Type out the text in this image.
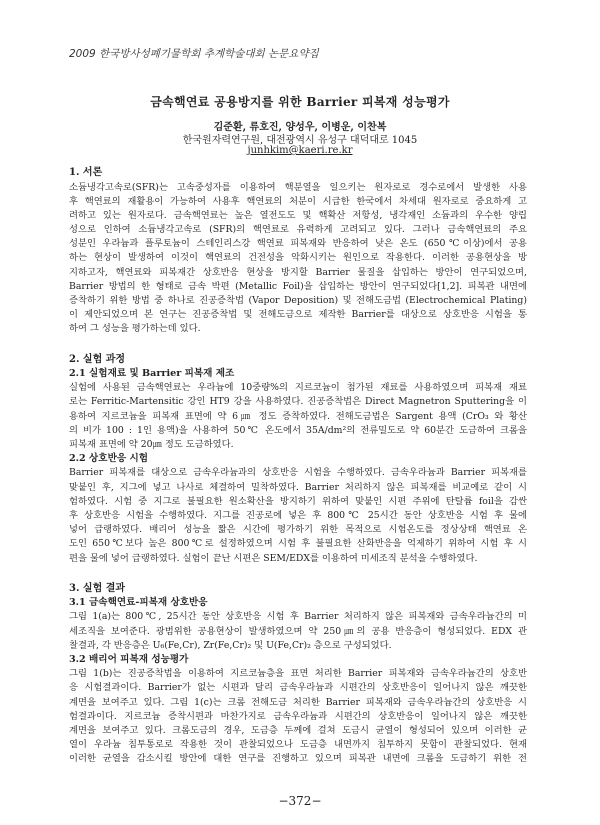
2009 한국방사성폐기물학회 추계학술대회 논문요약집
금속핵연료 공용방지를 위한 Barrier 피복재 성능평가
김준환, 류호진, 양성우, 이병운, 이찬복
한국원자력연구원, 대전광역시 유성구 대덕대로 1045
junhkim@kaeri.re.kr
1. 서론
소듐냉각고속로(SFR)는 고속중성자를 이용하여 핵분열을 일으키는 원자로로 경수로에서 발생한 사용
후 핵연료의 재활용이 가능하여 사용후 핵연료의 처분이 시급한 한국에서 차세대 원자로로 중요하게 고
려하고 있는 원자로다. 금속핵연료는 높은 열전도도 및 핵확산 저항성, 냉각재인 소듐과의 우수한 양립
성으로 인하여 소듐냉각고속로 (SFR)의 핵연료로 유력하게 고려되고 있다. 그러나 금속핵연료의 주요
성분인 우라늄과 플루토늄이 스테인리스강 핵연료 피복재와 반응하여 낮은 온도 (650℃이상)에서 공용
하는 현상이 발생하여 이것이 핵연료의 건전성을 악화시키는 원인으로 작용한다. 이러한 공용현상을 방
지하고자, 핵연료와 피복재간 상호반응 현상을 방지할 Barrier 물질을 삽입하는 방안이 연구되었으며,
Barrier 방법의 한 형태로 금속 박편 (Metallic Foil)을 삽입하는 방안이 연구되었다[1,2]. 피복관 내면에
증착하기 위한 방법 중 하나로 진공증착법 (Vapor Deposition) 및 전해도금법 (Electrochemical Plating)
이 제안되었으며 본 연구는 진공증착법 및 전해도금으로 제작한 Barrier를 대상으로 상호반응 시험을 통
하여 그 성능을 평가하는데 있다.
2. 실험 과정
2.1 실험재료 및 Barrier 피복재 제조
실험에 사용된 금속핵연료는 우라늄에 10중량%의 지르코늄이 첨가된 재료를 사용하였으며 피복재 재료
로는 Ferritic-Martensitic 강인 HT9 강을 사용하였다. 진공증착법은 Direct Magnetron Sputtering을 이
용하여 지르코늄을 피복재 표면에 약 6㎛ 정도 증착하였다. 전해도금법은 Sargent 용액 (CrO₃ 와 황산
의 비가 100 : 1인 용액)을 사용하여 50℃ 온도에서 35A/dm²의 전류밀도로 약 60분간 도금하여 크롬을
피복재 표면에 약 20㎛ 정도 도금하였다.
2.2 상호반응 시험
Barrier 피복재를 대상으로 금속우라늄과의 상호반응 시험을 수행하였다. 금속우라늄과 Barrier 피복재를
맞붙인 후, 지그에 넣고 나사로 체결하여 밀착하였다. Barrier 처리하지 않은 피복재를 비교예로 같이 시
험하였다. 시험 중 지그로 불필요한 원소확산을 방지하기 위하여 맞붙인 시편 주위에 탄탈륨 foil을 감싼
후 상호반응 시험을 수행하였다. 지그를 진공로에 넣은 후 800℃ 25시간 동안 상호반응 시험 후 물에
넣어 급랭하였다. 배리어 성능을 짧은 시간에 평가하기 위한 목적으로 시험온도를 정상상태 핵연료 온
도인 650℃보다 높은 800℃로 설정하였으며 시험 후 불필요한 산화반응을 억제하기 위하여 시험 후 시
편을 물에 넣어 급랭하였다. 실험이 끝난 시편은 SEM/EDX를 이용하여 미세조직 분석을 수행하였다.
3. 실험 결과
3.1 금속핵연료-피복재 상호반응
그림 1(a)는 800℃, 25시간 동안 상호반응 시험 후 Barrier 처리하지 않은 피복재와 금속우라늄간의 미
세조직을 보여준다. 광범위한 공용현상이 발생하였으며 약 250㎛의 공용 반응층이 형성되었다. EDX 관
찰결과, 각 반응층은 U₆(Fe,Cr), Zr(Fe,Cr)₂ 및 U(Fe,Cr)₂ 층으로 구성되었다.
3.2 배리어 피복재 성능평가
그림 1(b)는 진공증착법을 이용하여 지르코늄층을 표면 처리한 Barrier 피복재와 금속우라늄간의 상호반
응 시험결과이다. Barrier가 없는 시편과 달리 금속우라늄과 시편간의 상호반응이 일어나지 않은 깨끗한
계면을 보여주고 있다. 그림 1(c)는 크롬 전해도금 처리한 Barrier 피복재와 금속우라늄간의 상호반응 시
험결과이다. 지르코늄 증착시편과 마찬가지로 금속우라늄과 시편간의 상호반응이 일어나지 않은 깨끗한
계면을 보여주고 있다. 크롬도금의 경우, 도금층 두께에 걸쳐 도금시 균열이 형성되어 있으며 이러한 균
열이 우라늄 침투통로로 작용한 것이 관찰되었으나 도금층 내면까지 침투하지 못함이 관찰되었다. 현재
이러한 균열을 감소시킬 방안에 대한 연구를 진행하고 있으며 피복관 내면에 크롬을 도금하기 위한 전
−372−
